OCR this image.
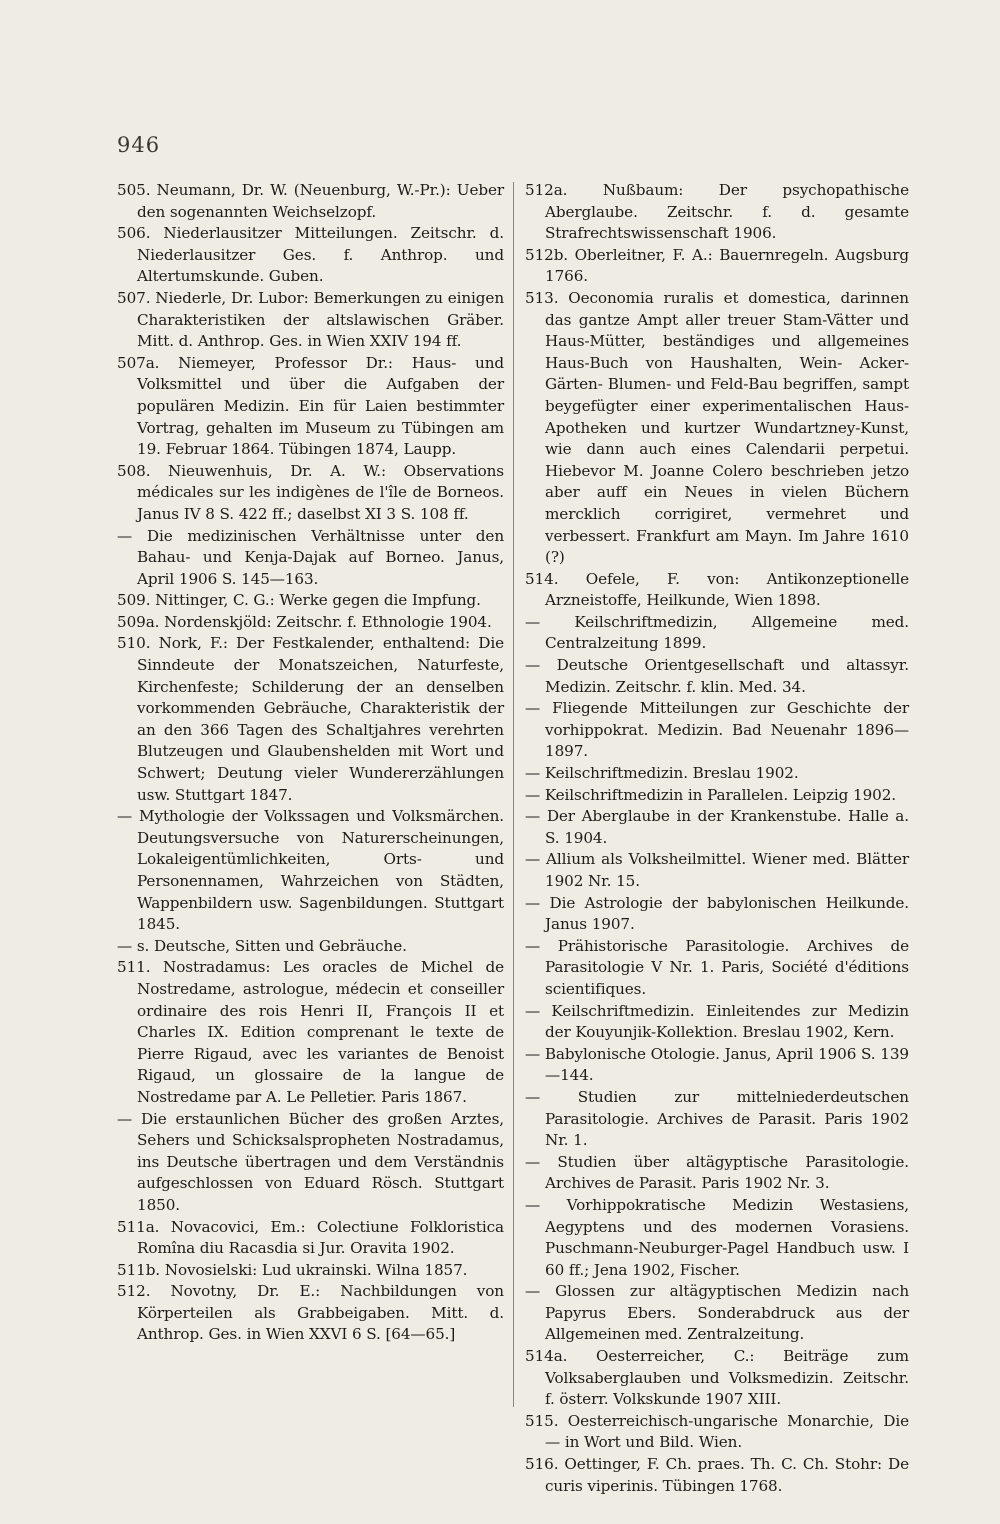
946

505. Neumann, Dr. W. (Neuenburg, W.-Pr.): Ueber den sogenannten Weichselzopf.

506. Niederlausitzer Mitteilungen. Zeitschr. d. Niederlausitzer Ges. f. Anthrop. und Altertumskunde. Guben.

507. Niederle, Dr. Lubor: Bemerkungen zu einigen Charakteristiken der altslawischen Gräber. Mitt. d. Anthrop. Ges. in Wien XXIV 194 ff.

507a. Niemeyer, Professor Dr.: Haus- und Volksmittel und über die Aufgaben der populären Medizin. Ein für Laien bestimmter Vortrag, gehalten im Museum zu Tübingen am 19. Februar 1864. Tübingen 1874, Laupp.

508. Nieuwenhuis, Dr. A. W.: Observations médicales sur les indigènes de l'île de Borneos. Janus IV 8 S. 422 ff.; daselbst XI 3 S. 108 ff.

— Die medizinischen Verhältnisse unter den Bahau- und Kenja-Dajak auf Borneo. Janus, April 1906 S. 145—163.

509. Nittinger, C. G.: Werke gegen die Impfung.

509a. Nordenskjöld: Zeitschr. f. Ethnologie 1904.

510. Nork, F.: Der Festkalender, enthaltend: Die Sinndeute der Monatszeichen, Naturfeste, Kirchenfeste; Schilderung der an denselben vorkommenden Gebräuche, Charakteristik der an den 366 Tagen des Schaltjahres verehrten Blutzeugen und Glaubenshelden mit Wort und Schwert; Deutung vieler Wundererzählungen usw. Stuttgart 1847.

— Mythologie der Volkssagen und Volksmärchen. Deutungsversuche von Naturerscheinungen, Lokaleigentümlichkeiten, Orts- und Personennamen, Wahrzeichen von Städten, Wappenbildern usw. Sagenbildungen. Stuttgart 1845.

— s. Deutsche, Sitten und Gebräuche.

511. Nostradamus: Les oracles de Michel de Nostredame, astrologue, médecin et conseiller ordinaire des rois Henri II, François II et Charles IX. Edition comprenant le texte de Pierre Rigaud, avec les variantes de Benoist Rigaud, un glossaire de la langue de Nostredame par A. Le Pelletier. Paris 1867.

— Die erstaunlichen Bücher des großen Arztes, Sehers und Schicksalspropheten Nostradamus, ins Deutsche übertragen und dem Verständnis aufgeschlossen von Eduard Rösch. Stuttgart 1850.

511a. Novacovici, Em.: Colectiune Folkloristica Romîna diu Racasdia si Jur. Oravita 1902.

511b. Novosielski: Lud ukrainski. Wilna 1857.

512. Novotny, Dr. E.: Nachbildungen von Körperteilen als Grabbeigaben. Mitt. d. Anthrop. Ges. in Wien XXVI 6 S. [64—65.]

512a. Nußbaum: Der psychopathische Aberglaube. Zeitschr. f. d. gesamte Strafrechtswissenschaft 1906.

512b. Oberleitner, F. A.: Bauernregeln. Augsburg 1766.

513. Oeconomia ruralis et domestica, darinnen das gantze Ampt aller treuer Stam-Vätter und Haus-Mütter, beständiges und allgemeines Haus-Buch von Haushalten, Wein- Acker- Gärten- Blumen- und Feld-Bau begriffen, sampt beygefügter einer experimentalischen Haus-Apotheken und kurtzer Wundartzney-Kunst, wie dann auch eines Calendarii perpetui. Hiebevor M. Joanne Colero beschrieben jetzo aber auff ein Neues in vielen Büchern mercklich corrigiret, vermehret und verbessert. Frankfurt am Mayn. Im Jahre 1610 (?)

514. Oefele, F. von: Antikonzeptionelle Arzneistoffe, Heilkunde, Wien 1898.

— Keilschriftmedizin, Allgemeine med. Centralzeitung 1899.

— Deutsche Orientgesellschaft und altassyr. Medizin. Zeitschr. f. klin. Med. 34.

— Fliegende Mitteilungen zur Geschichte der vorhippokrat. Medizin. Bad Neuenahr 1896—1897.

— Keilschriftmedizin. Breslau 1902.

— Keilschriftmedizin in Parallelen. Leipzig 1902.

— Der Aberglaube in der Krankenstube. Halle a. S. 1904.

— Allium als Volksheilmittel. Wiener med. Blätter 1902 Nr. 15.

— Die Astrologie der babylonischen Heilkunde. Janus 1907.

— Prähistorische Parasitologie. Archives de Parasitologie V Nr. 1. Paris, Société d'éditions scientifiques.

— Keilschriftmedizin. Einleitendes zur Medizin der Kouyunjik-Kollektion. Breslau 1902, Kern.

— Babylonische Otologie. Janus, April 1906 S. 139—144.

— Studien zur mittelniederdeutschen Parasitologie. Archives de Parasit. Paris 1902 Nr. 1.

— Studien über altägyptische Parasitologie. Archives de Parasit. Paris 1902 Nr. 3.

— Vorhippokratische Medizin Westasiens, Aegyptens und des modernen Vorasiens. Puschmann-Neuburger-Pagel Handbuch usw. I 60 ff.; Jena 1902, Fischer.

— Glossen zur altägyptischen Medizin nach Papyrus Ebers. Sonderabdruck aus der Allgemeinen med. Zentralzeitung.

514a. Oesterreicher, C.: Beiträge zum Volksaberglauben und Volksmedizin. Zeitschr. f. österr. Volkskunde 1907 XIII.

515. Oesterreichisch-ungarische Monarchie, Die — in Wort und Bild. Wien.

516. Oettinger, F. Ch. praes. Th. C. Ch. Stohr: De curis viperinis. Tübingen 1768.
